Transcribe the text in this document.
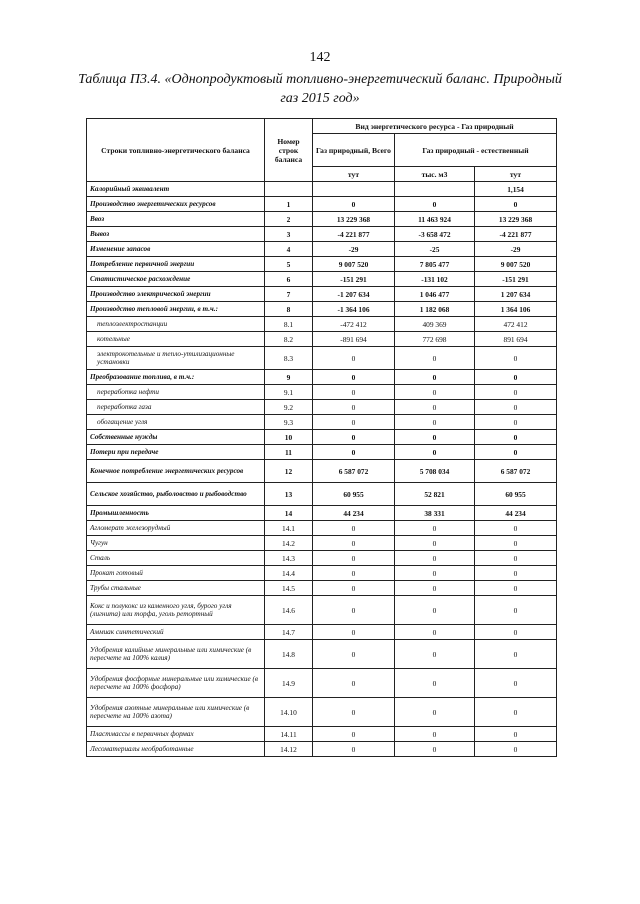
142
Таблица П3.4. «Однопродуктовый топливно-энергетический баланс. Природный
газ 2015 год»
Строки топливно-энергетического баланса	Номер строк баланса	Вид энергетического ресурса - Газ природный		
		Газ природный, Всего	Газ природный - естественный	
		тут	тыс. м3	тут
Калорийный эквивалент				1,154
Производство энергетических ресурсов	1	0	0	0
Ввоз	2	13 229 368	11 463 924	13 229 368
Вывоз	3	-4 221 877	-3 658 472	-4 221 877
Изменение запасов	4	-29	-25	-29
Потребление первичной энергии	5	9 007 520	7 805 477	9 007 520
Статистическое расхождение	6	-151 291	-131 102	-151 291
Производство электрической энергии	7	-1 207 634	1 046 477	1 207 634
Производство тепловой энергии, в т.ч.:	8	-1 364 106	1 182 068	1 364 106
теплоэлектростанции	8.1	-472 412	409 369	472 412
котельные	8.2	-891 694	772 698	891 694
электрокотельные и тепло-утилизационные установки	8.3	0	0	0
Преобразование топлива, в т.ч.:	9	0	0	0
переработка нефти	9.1	0	0	0
переработка газа	9.2	0	0	0
обогащение угля	9.3	0	0	0
Собственные нужды	10	0	0	0
Потери при передаче	11	0	0	0
Конечное потребление энергетических ресурсов	12	6 587 072	5 708 034	6 587 072
Сельское хозяйство, рыболовство и рыбоводство	13	60 955	52 821	60 955
Промышленность	14	44 234	38 331	44 234
Агломерат железорудный	14.1	0	0	0
Чугун	14.2	0	0	0
Сталь	14.3	0	0	0
Прокат готовый	14.4	0	0	0
Трубы стальные	14.5	0	0	0
Кокс и полукокс из каменного угля, бурого угля (лигнита) или торфа, уголь ретортный	14.6	0	0	0
Аммиак синтетический	14.7	0	0	0
Удобрения калийные минеральные или химические (в пересчете на 100% калия)	14.8	0	0	0
Удобрения фосфорные минеральные или химические (в пересчете на 100% фосфора)	14.9	0	0	0
Удобрения азотные минеральные или химические (в пересчете на 100% азота)	14.10	0	0	0
Пластмассы в первичных формах	14.11	0	0	0
Лесоматериалы необработанные	14.12	0	0	0
